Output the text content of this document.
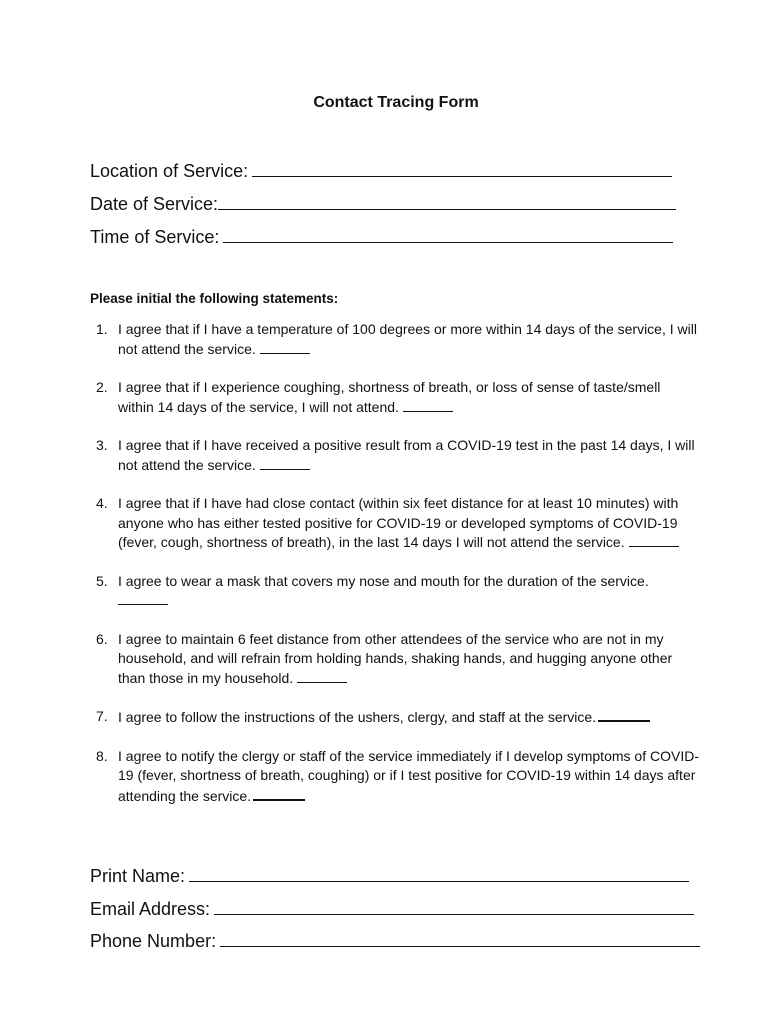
Contact Tracing Form
Location of Service:
Date of Service:
Time of Service:
Please initial the following statements:
1. I agree that if I have a temperature of 100 degrees or more within 14 days of the service, I will not attend the service.
2. I agree that if I experience coughing, shortness of breath, or loss of sense of taste/smell within 14 days of the service, I will not attend.
3. I agree that if I have received a positive result from a COVID-19 test in the past 14 days, I will not attend the service.
4. I agree that if I have had close contact (within six feet distance for at least 10 minutes) with anyone who has either tested positive for COVID-19 or developed symptoms of COVID-19 (fever, cough, shortness of breath), in the last 14 days I will not attend the service.
5. I agree to wear a mask that covers my nose and mouth for the duration of the service.

6. I agree to maintain 6 feet distance from other attendees of the service who are not in my household, and will refrain from holding hands, shaking hands, and hugging anyone other than those in my household.
7. I agree to follow the instructions of the ushers, clergy, and staff at the service.
8. I agree to notify the clergy or staff of the service immediately if I develop symptoms of COVID-19 (fever, shortness of breath, coughing) or if I test positive for COVID-19 within 14 days after attending the service.
Print Name:
Email Address:
Phone Number:
